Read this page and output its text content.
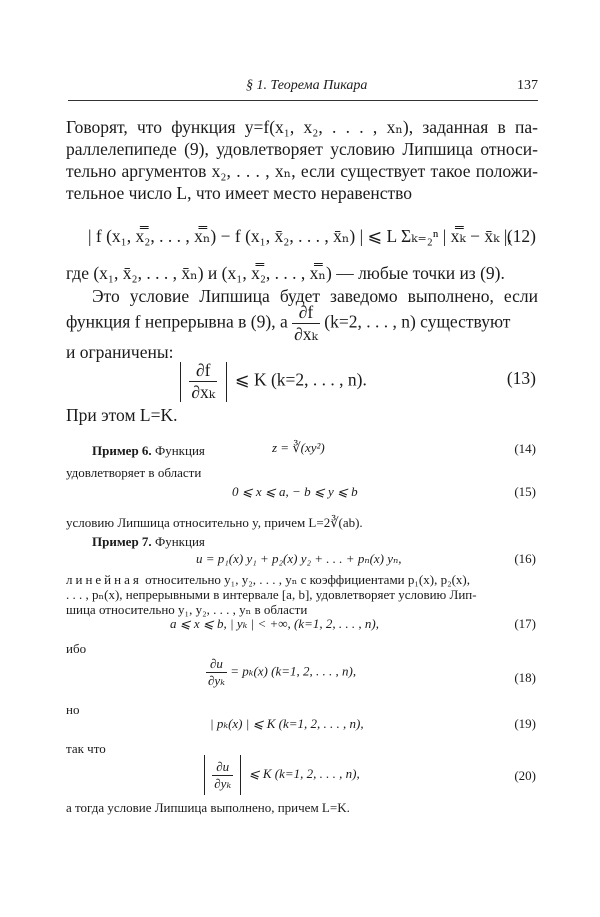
§ 1. Теорема Пикара	137
Говорят, что функция y=f(x₁, x₂, . . . , xₙ), заданная в па-
раллелепипеде (9), удовлетворяет условию Липшица относи-
тельно аргументов x₂, . . . , xₙ, если существует такое положи-
тельное число L, что имеет место неравенство
| f (x₁, x̿₂, . . . , x̿ₙ) − f (x₁, x̄₂, . . . , x̄ₙ) | ⩽ L Σₖ₌₂ⁿ | x̿ₖ − x̄ₖ |,
(12)
где (x₁, x̄₂, . . . , x̄ₙ) и (x₁, x̿₂, . . . , x̿ₙ) — любые точки из (9).
Это условие Липшица будет заведомо выполнено, если
функция f непрерывна в (9), а $\frac{\partial f}{\text{∂xₖ}} (k=2$, . . . , n) существуют
и ограничены:

$\frac{\partial f}{\text{∂xₖ}}$ ⩽ K (k=2, . . . , n).	(13)
При этом L=K.
Пример 6. Функция	z = ∛(xy²)	(14)
удовлетворяет в области
0 ⩽ x ⩽ a, − b ⩽ y ⩽ b	(15)
условию Липшица относительно y, причем L=2∛(ab).
Пример 7. Функция
u = p₁(x) y₁ + p₂(x) y₂ + . . . + pₙ(x) yₙ,	(16)
линейная относительно y₁, y₂, . . . , yₙ с коэффициентами p₁(x), p₂(x),
. . . , pₙ(x), непрерывными в интервале [a, b], удовлетворяет условию Лип-
шица относительно y₁, y₂, . . . , yₙ в области
a ⩽ x ⩽ b, | yₖ | < +∞, (k=1, 2, . . . , n),	(17)
ибо
$\frac{\partial u}{\text{∂yₖ}} = p_k(x)$ (k=1, 2, . . . , n),	(18)
но
| pₖ(x) | ⩽ K (k=1, 2, . . . , n),	(19)
так что

$\frac{\partial u}{\text{∂yₖ}}$ ⩽ K (k=1, 2, . . . , n),	(20)
а тогда условие Липшица выполнено, причем L=K.
